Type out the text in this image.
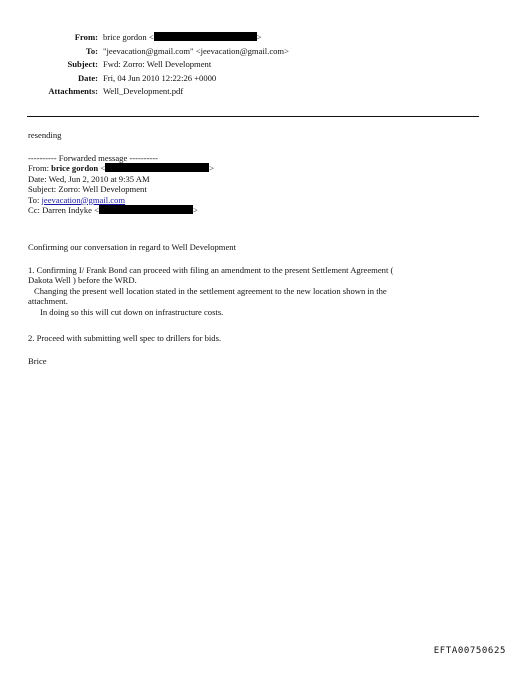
From: brice gordon <	>
To: "jeevacation@gmail.com" <jeevacation@gmail.com>
Subject: Fwd: Zorro: Well Development
Date: Fri, 04 Jun 2010 12:22:26 +0000
Attachments: Well_Development.pdf
resending
---------- Forwarded message ----------
From: brice gordon <	>
Date: Wed, Jun 2, 2010 at 9:35 AM
Subject: Zorro: Well Development
To: jeevacation@gmail.com
Cc: Darren Indyke <	>
Confirming our conversation in regard to Well Development
1. Confirming I/ Frank Bond can proceed with filing an amendment to the present Settlement Agreement (
Dakota Well ) before the WRD.
Changing the present well location stated in the settlement agreement to the new location shown in the
attachment.
In doing so this will cut down on infrastructure costs.
2. Proceed with submitting well spec to drillers for bids.
Brice
EFTA00750625
